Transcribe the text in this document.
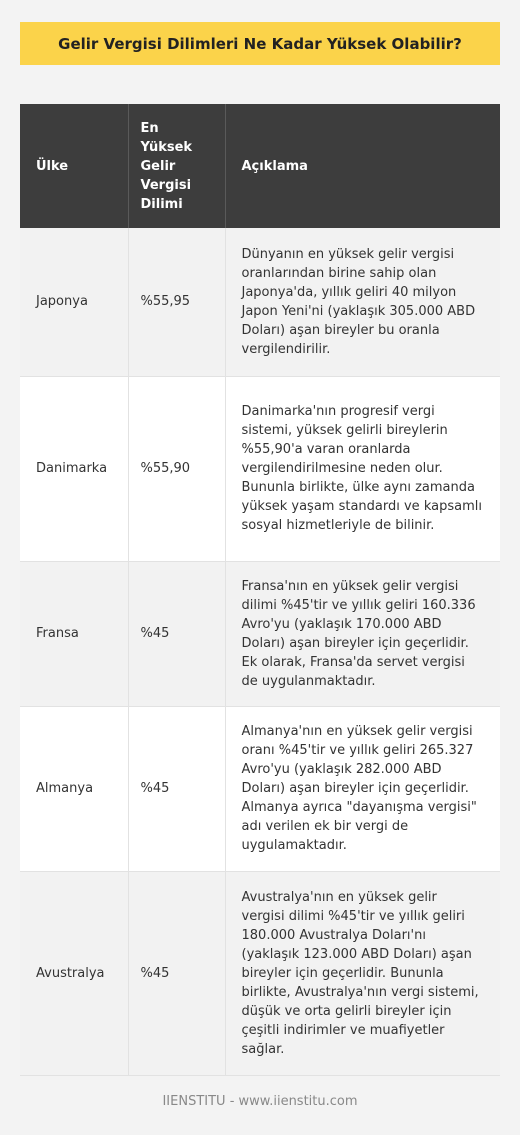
Gelir Vergisi Dilimleri Ne Kadar Yüksek Olabilir?
Ülke	En Yüksek Gelir Vergisi Dilimi	Açıklama
Japonya	%55,95	Dünyanın en yüksek gelir vergisi oranlarından birine sahip olan Japonya'da, yıllık geliri 40 milyon Japon Yeni'ni (yaklaşık 305.000 ABD Doları) aşan bireyler bu oranla vergilendirilir.
Danimarka	%55,90	Danimarka'nın progresif vergi sistemi, yüksek gelirli bireylerin %55,90'a varan oranlarda vergilendirilmesine neden olur. Bununla birlikte, ülke aynı zamanda yüksek yaşam standardı ve kapsamlı sosyal hizmetleriyle de bilinir.
Fransa	%45	Fransa'nın en yüksek gelir vergisi dilimi %45'tir ve yıllık geliri 160.336 Avro'yu (yaklaşık 170.000 ABD Doları) aşan bireyler için geçerlidir. Ek olarak, Fransa'da servet vergisi de uygulanmaktadır.
Almanya	%45	Almanya'nın en yüksek gelir vergisi oranı %45'tir ve yıllık geliri 265.327 Avro'yu (yaklaşık 282.000 ABD Doları) aşan bireyler için geçerlidir. Almanya ayrıca "dayanışma vergisi" adı verilen ek bir vergi de uygulamaktadır.
Avustralya	%45	Avustralya'nın en yüksek gelir vergisi dilimi %45'tir ve yıllık geliri 180.000 Avustralya Doları'nı (yaklaşık 123.000 ABD Doları) aşan bireyler için geçerlidir. Bununla birlikte, Avustralya'nın vergi sistemi, düşük ve orta gelirli bireyler için çeşitli indirimler ve muafiyetler sağlar.
IIENSTITU - www.iienstitu.com
